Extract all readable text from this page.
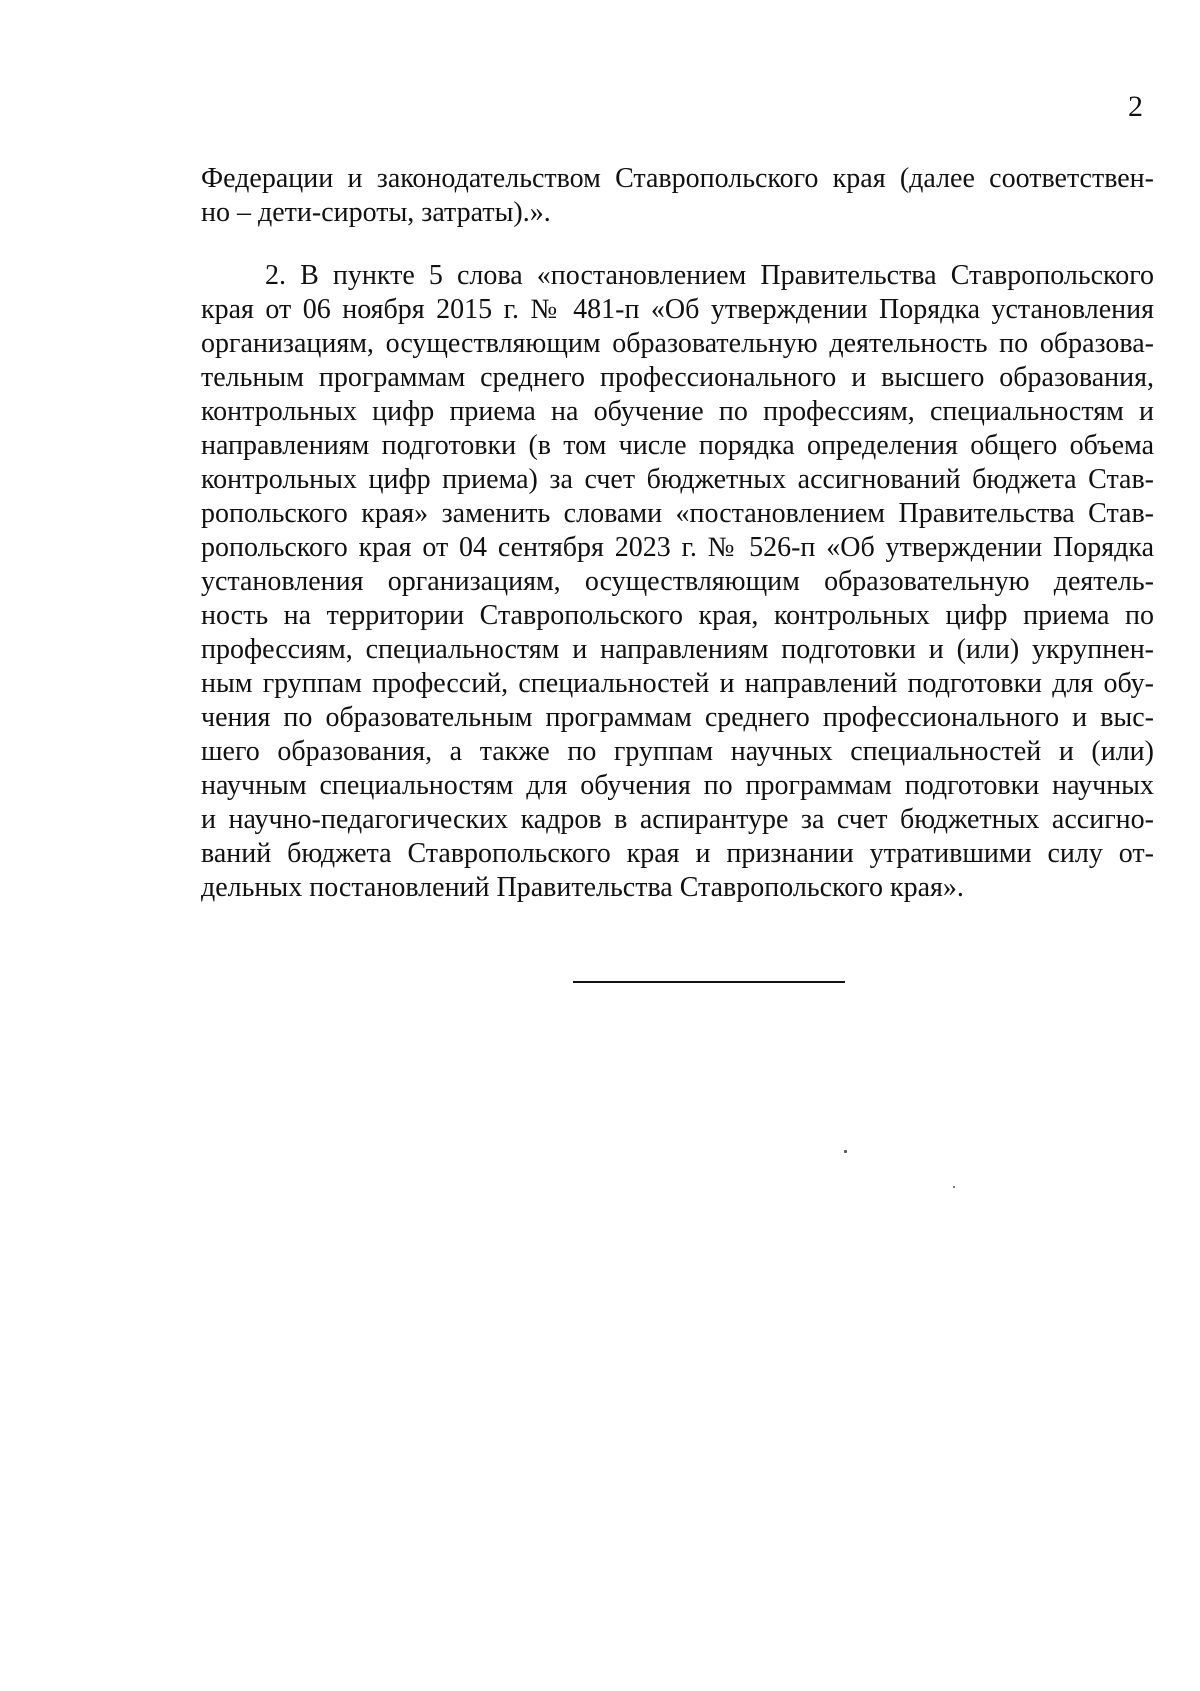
2
Федерации и законодательством Ставропольского края (далее соответствен-
но – дети-сироты, затраты).».
2. В пункте 5 слова «постановлением Правительства Ставропольского
края от 06 ноября 2015 г. № 481-п «Об утверждении Порядка установления
организациям, осуществляющим образовательную деятельность по образова-
тельным программам среднего профессионального и высшего образования,
контрольных цифр приема на обучение по профессиям, специальностям и
направлениям подготовки (в том числе порядка определения общего объема
контрольных цифр приема) за счет бюджетных ассигнований бюджета Став-
ропольского края» заменить словами «постановлением Правительства Став-
ропольского края от 04 сентября 2023 г. № 526-п «Об утверждении Порядка
установления организациям, осуществляющим образовательную деятель-
ность на территории Ставропольского края, контрольных цифр приема по
профессиям, специальностям и направлениям подготовки и (или) укрупнен-
ным группам профессий, специальностей и направлений подготовки для обу-
чения по образовательным программам среднего профессионального и выс-
шего образования, а также по группам научных специальностей и (или)
научным специальностям для обучения по программам подготовки научных
и научно-педагогических кадров в аспирантуре за счет бюджетных ассигно-
ваний бюджета Ставропольского края и признании утратившими силу от-
дельных постановлений Правительства Ставропольского края».
